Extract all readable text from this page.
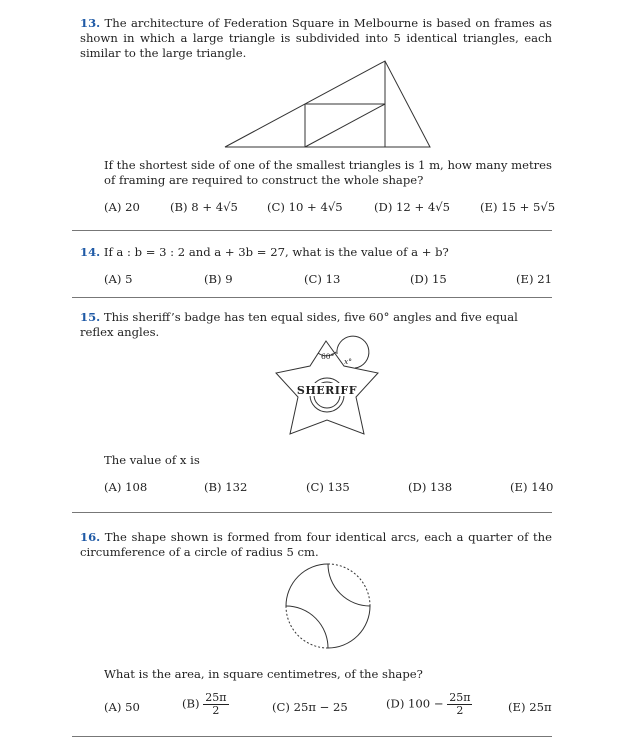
13. The architecture of Federation Square in Melbourne is based on frames as shown in which a large triangle is subdivided into 5 identical triangles, each similar to the large triangle.
If the shortest side of one of the smallest triangles is 1 m, how many metres of framing are required to construct the whole shape?
(A) 20	(B) 8 + 4√5	(C) 10 + 4√5	(D) 12 + 4√5	(E) 15 + 5√5
14. If a : b = 3 : 2 and a + 3b = 27, what is the value of a + b?
(A) 5	(B) 9	(C) 13	(D) 15	(E) 21
15. This sheriff’s badge has ten equal sides, five 60° angles and five equal reflex angles.
60°
x°
SHERIFF
The value of x is
(A) 108	(B) 132	(C) 135	(D) 138	(E) 140
16. The shape shown is formed from four identical arcs, each a quarter of the circumference of a circle of radius 5 cm.
What is the area, in square centimetres, of the shape?
(A) 50	$(B) \frac{25\pi}{2}$	(C) 25π − 25	(D) $100 - \frac{25\pi}{2}$	(E) 25π
